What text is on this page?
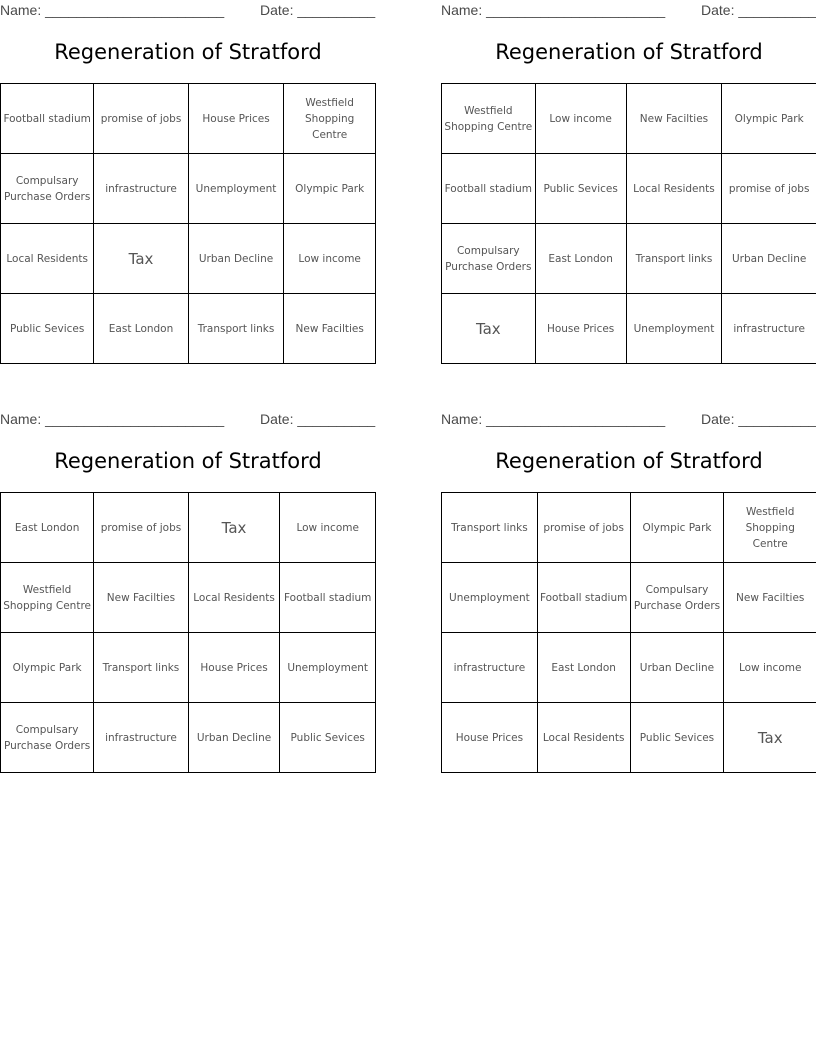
Name: _______________________	Date: __________
Regeneration of Stratford
Football stadium	promise of jobs	House Prices	Westfield Shopping Centre
Compulsary Purchase Orders	infrastructure	Unemployment	Olympic Park
Local Residents	Tax	Urban Decline	Low income
Public Sevices	East London	Transport links	New Facilties
Name: _______________________	Date: __________
Regeneration of Stratford
Westfield Shopping Centre	Low income	New Facilties	Olympic Park
Football stadium	Public Sevices	Local Residents	promise of jobs
Compulsary Purchase Orders	East London	Transport links	Urban Decline
Tax	House Prices	Unemployment	infrastructure
Name: _______________________	Date: __________
Regeneration of Stratford
East London	promise of jobs	Tax	Low income
Westfield Shopping Centre	New Facilties	Local Residents	Football stadium
Olympic Park	Transport links	House Prices	Unemployment
Compulsary Purchase Orders	infrastructure	Urban Decline	Public Sevices
Name: _______________________	Date: __________
Regeneration of Stratford
Transport links	promise of jobs	Olympic Park	Westfield Shopping Centre
Unemployment	Football stadium	Compulsary Purchase Orders	New Facilties
infrastructure	East London	Urban Decline	Low income
House Prices	Local Residents	Public Sevices	Tax
